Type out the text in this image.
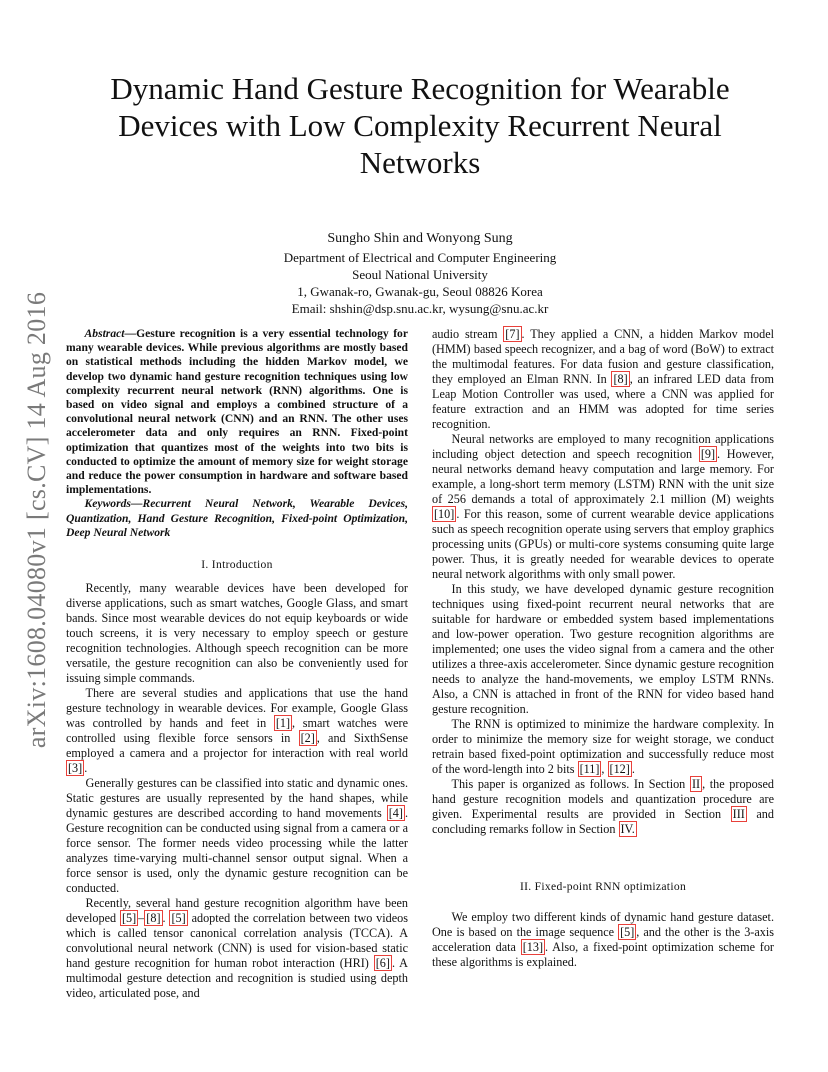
arXiv:1608.04080v1 [cs.CV] 14 Aug 2016
Dynamic Hand Gesture Recognition for Wearable Devices with Low Complexity Recurrent Neural Networks
Sungho Shin and Wonyong Sung
Department of Electrical and Computer Engineering
Seoul National University
1, Gwanak-ro, Gwanak-gu, Seoul 08826 Korea
Email: shshin@dsp.snu.ac.kr, wysung@snu.ac.kr

Abstract—Gesture recognition is a very essential technology for many wearable devices. While previous algorithms are mostly based on statistical methods including the hidden Markov model, we develop two dynamic hand gesture recognition techniques using low complexity recurrent neural network (RNN) algorithms. One is based on video signal and employs a combined structure of a convolutional neural network (CNN) and an RNN. The other uses accelerometer data and only requires an RNN. Fixed-point optimization that quantizes most of the weights into two bits is conducted to optimize the amount of memory size for weight storage and reduce the power consumption in hardware and software based implementations.

Keywords—Recurrent Neural Network, Wearable Devices, Quantization, Hand Gesture Recognition, Fixed-point Optimization, Deep Neural Network

I. Introduction

Recently, many wearable devices have been developed for diverse applications, such as smart watches, Google Glass, and smart bands. Since most wearable devices do not equip keyboards or wide touch screens, it is very necessary to employ speech or gesture recognition technologies. Although speech recognition can be more versatile, the gesture recognition can also be conveniently used for issuing simple commands.

There are several studies and applications that use the hand gesture technology in wearable devices. For example, Google Glass was controlled by hands and feet in [1] , smart watches were controlled using flexible force sensors in [2] , and SixthSense employed a camera and a projector for interaction with real world [3] .

Generally gestures can be classified into static and dynamic ones. Static gestures are usually represented by the hand shapes, while dynamic gestures are described according to hand movements [4] . Gesture recognition can be conducted using signal from a camera or a force sensor. The former needs video processing while the latter analyzes time-varying multi-channel sensor output signal. When a force sensor is used, only the dynamic gesture recognition can be conducted.

Recently, several hand gesture recognition algorithm have been developed [5] – [8] . [5] adopted the correlation between two videos which is called tensor canonical correlation analysis (TCCA). A convolutional neural network (CNN) is used for vision-based static hand gesture recognition for human robot interaction (HRI) [6] . A multimodal gesture detection and recognition is studied using depth video, articulated pose, and

audio stream [7] . They applied a CNN, a hidden Markov model (HMM) based speech recognizer, and a bag of word (BoW) to extract the multimodal features. For data fusion and gesture classification, they employed an Elman RNN. In [8] , an infrared LED data from Leap Motion Controller was used, where a CNN was applied for feature extraction and an HMM was adopted for time series recognition.

Neural networks are employed to many recognition applications including object detection and speech recognition [9] . However, neural networks demand heavy computation and large memory. For example, a long-short term memory (LSTM) RNN with the unit size of 256 demands a total of approximately 2.1 million (M) weights [10] . For this reason, some of current wearable device applications such as speech recognition operate using servers that employ graphics processing units (GPUs) or multi-core systems consuming quite large power. Thus, it is greatly needed for wearable devices to operate neural network algorithms with only small power.

In this study, we have developed dynamic gesture recognition techniques using fixed-point recurrent neural networks that are suitable for hardware or embedded system based implementations and low-power operation. Two gesture recognition algorithms are implemented; one uses the video signal from a camera and the other utilizes a three-axis accelerometer. Since dynamic gesture recognition needs to analyze the hand-movements, we employ LSTM RNNs. Also, a CNN is attached in front of the RNN for video based hand gesture recognition.

The RNN is optimized to minimize the hardware complexity. In order to minimize the memory size for weight storage, we conduct retrain based fixed-point optimization and successfully reduce most of the word-length into 2 bits [11] , [12] .

This paper is organized as follows. In Section II , the proposed hand gesture recognition models and quantization procedure are given. Experimental results are provided in Section III and concluding remarks follow in Section IV.

II. Fixed-point RNN optimization

We employ two different kinds of dynamic hand gesture dataset. One is based on the image sequence [5] , and the other is the 3-axis acceleration data [13] . Also, a fixed-point optimization scheme for these algorithms is explained.
